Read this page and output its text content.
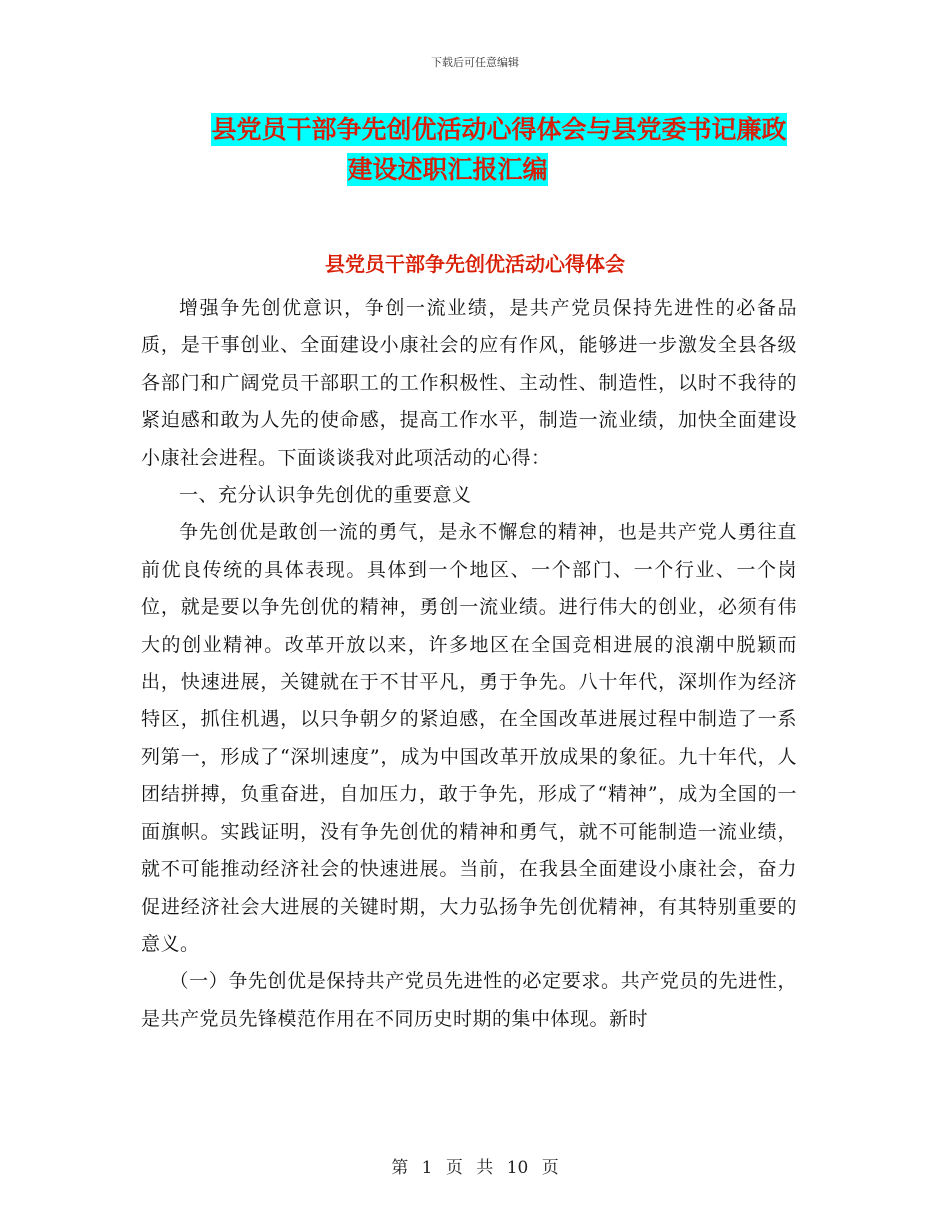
下载后可任意编辑
县党员干部争先创优活动心得体会与县党委书记廉政
建设述职汇报汇编
县党员干部争先创优活动心得体会

增强争先创优意识，争创一流业绩，是共产党员保持先进性的必备品质，是干事创业、全面建设小康社会的应有作风，能够进一步激发全县各级各部门和广阔党员干部职工的工作积极性、主动性、制造性，以时不我待的紧迫感和敢为人先的使命感，提高工作水平，制造一流业绩，加快全面建设小康社会进程。下面谈谈我对此项活动的心得：

一、充分认识争先创优的重要意义

争先创优是敢创一流的勇气，是永不懈怠的精神，也是共产党人勇往直前优良传统的具体表现。具体到一个地区、一个部门、一个行业、一个岗位，就是要以争先创优的精神，勇创一流业绩。进行伟大的创业，必须有伟大的创业精神。改革开放以来，许多地区在全国竞相进展的浪潮中脱颖而出，快速进展，关键就在于不甘平凡，勇于争先。八十年代，深圳作为经济特区，抓住机遇，以只争朝夕的紧迫感，在全国改革进展过程中制造了一系列第一，形成了“深圳速度”，成为中国改革开放成果的象征。九十年代，人团结拼搏，负重奋进，自加压力，敢于争先，形成了“精神”，成为全国的一面旗帜。实践证明，没有争先创优的精神和勇气，就不可能制造一流业绩，就不可能推动经济社会的快速进展。当前，在我县全面建设小康社会，奋力促进经济社会大进展的关键时期，大力弘扬争先创优精神，有其特别重要的意义。

（一）争先创优是保持共产党员先进性的必定要求。共产党员的先进性，是共产党员先锋模范作用在不同历史时期的集中体现。新时

第 1 页 共 10 页
